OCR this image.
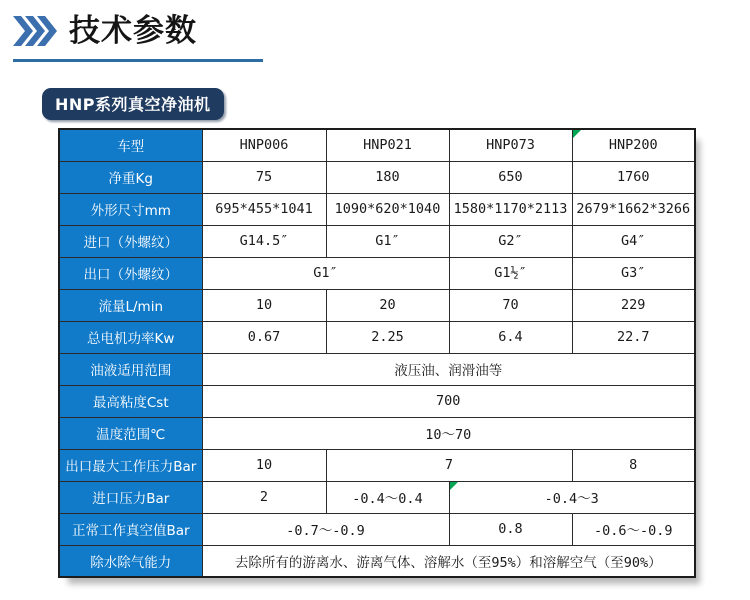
技术参数
HNP系列真空净油机
车型	HNP006	HNP021	HNP073	HNP200
净重Kg	75	180	650	1760
外形尺寸mm	695*455*1041	1090*620*1040	1580*1170*2113	2679*1662*3266
进口（外螺纹）	G14.5″	G1″	G2″	G4″
出口（外螺纹）	G1″		G1½″	G3″
流量L/min	10	20	70	229
总电机功率Kw	0.67	2.25	6.4	22.7
油液适用范围	液压油、润滑油等			
最高粘度Cst	700			
温度范围℃	10～70			
出口最大工作压力Bar	10	7		8
进口压力Bar	2	-0.4～0.4	-0.4～3	
正常工作真空值Bar	-0.7～-0.9		0.8	-0.6～-0.9
除水除气能力	去除所有的游离水、游离气体、溶解水（至95%）和溶解空气（至90%）			
